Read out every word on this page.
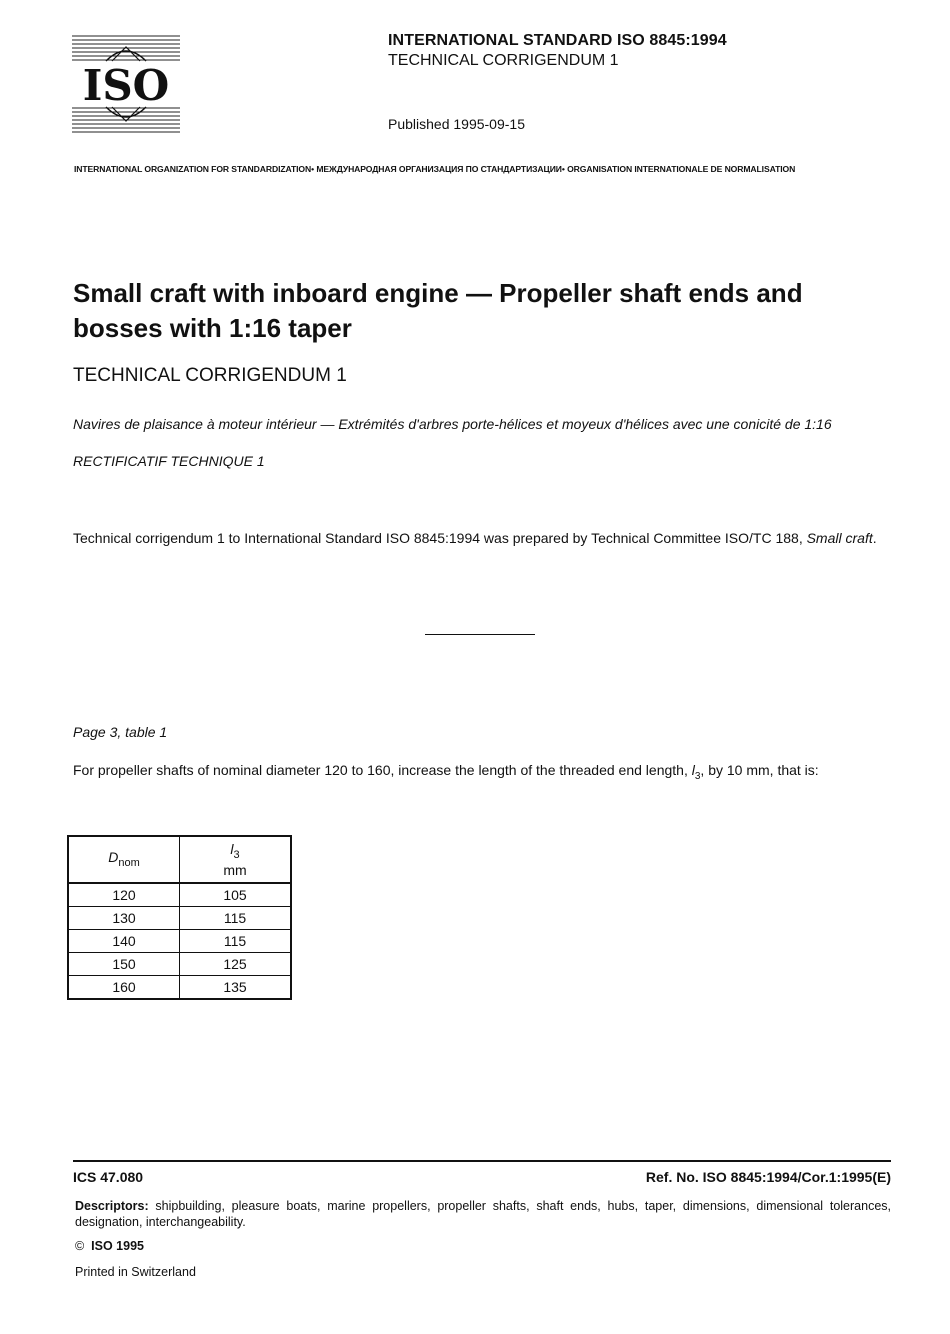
ISO
INTERNATIONAL STANDARD ISO 8845:1994
TECHNICAL CORRIGENDUM 1
Published 1995-09-15
INTERNATIONAL ORGANIZATION FOR STANDARDIZATION• МЕЖДУНАРОДНАЯ ОРГАНИЗАЦИЯ ПО СТАНДАРТИЗАЦИИ• ORGANISATION INTERNATIONALE DE NORMALISATION
Small craft with inboard engine — Propeller shaft ends and bosses with 1:16 taper
TECHNICAL CORRIGENDUM 1
Navires de plaisance à moteur intérieur — Extrémités d'arbres porte-hélices et moyeux d'hélices avec une conicité de 1:16
RECTIFICATIF TECHNIQUE 1
Technical corrigendum 1 to International Standard ISO 8845:1994 was prepared by Technical Committee ISO/TC 188, Small craft.
Page 3, table 1
For propeller shafts of nominal diameter 120 to 160, increase the length of the threaded end length, $l_3$, by 10 mm, that is:
$D_{nom}$	$l_3$
mm
120	105
130	115
140	115
150	125
160	135
ICS 47.080	Ref. No. ISO 8845:1994/Cor.1:1995(E)
Descriptors: shipbuilding, pleasure boats, marine propellers, propeller shafts, shaft ends, hubs, taper, dimensions, dimensional tolerances, designation, interchangeability.
© ISO 1995
Printed in Switzerland
